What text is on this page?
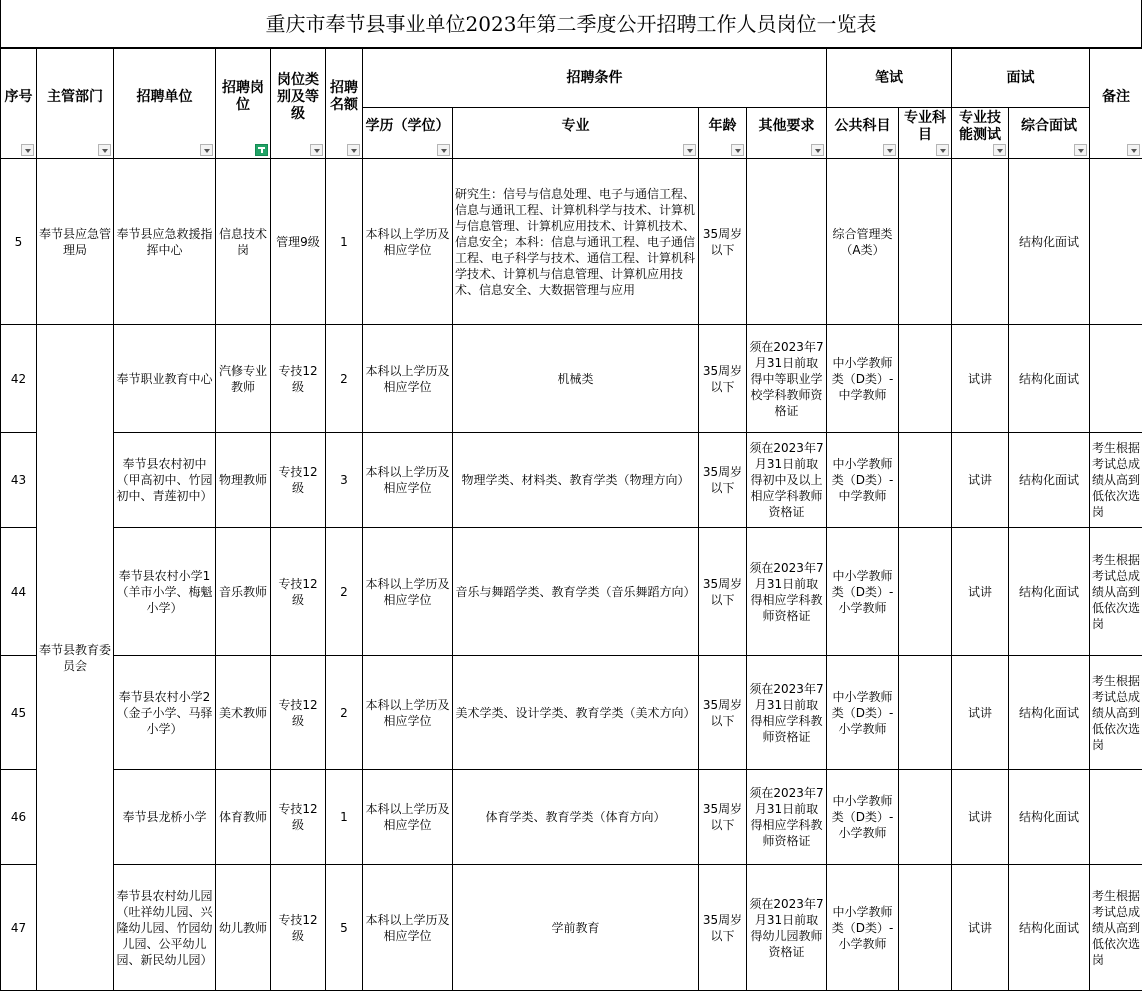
重庆市奉节县事业单位2023年第二季度公开招聘工作人员岗位一览表
序号	主管部门	招聘单位	招聘岗位	岗位类别及等级	招聘名额	招聘条件				笔试		面试		备注

						学历（学位）	专业	年龄	其他要求	公共科目	专业科目	专业技能测试	综合面试	

5	奉节县应急管理局	奉节县应急救援指挥中心	信息技术岗	管理9级	1	本科以上学历及相应学位	研究生：信号与信息处理、电子与通信工程、信息与通讯工程、计算机科学与技术、计算机与信息管理、计算机应用技术、计算机技术、信息安全；本科：信息与通讯工程、电子通信工程、电子科学与技术、通信工程、计算机科学技术、计算机与信息管理、计算机应用技术、信息安全、大数据管理与应用	35周岁以下		综合管理类（A类）			结构化面试	
42	奉节县教育委员会	奉节职业教育中心	汽修专业教师	专技12级	2	本科以上学历及相应学位	机械类	35周岁以下	须在2023年7月31日前取得中等职业学校学科教师资格证	中小学教师类（D类）-中学教师		试讲	结构化面试	
43		奉节县农村初中（甲高初中、竹园初中、青莲初中）	物理教师	专技12级	3	本科以上学历及相应学位	物理学类、材料类、教育学类（物理方向）	35周岁以下	须在2023年7月31日前取得初中及以上相应学科教师资格证	中小学教师类（D类）-中学教师		试讲	结构化面试	考生根据考试总成绩从高到低依次选岗
44		奉节县农村小学1（羊市小学、梅魁小学）	音乐教师	专技12级	2	本科以上学历及相应学位	音乐与舞蹈学类、教育学类（音乐舞蹈方向）	35周岁以下	须在2023年7月31日前取得相应学科教师资格证	中小学教师类（D类）-小学教师		试讲	结构化面试	考生根据考试总成绩从高到低依次选岗
45		奉节县农村小学2（金子小学、马驿小学）	美术教师	专技12级	2	本科以上学历及相应学位	美术学类、设计学类、教育学类（美术方向）	35周岁以下	须在2023年7月31日前取得相应学科教师资格证	中小学教师类（D类）-小学教师		试讲	结构化面试	考生根据考试总成绩从高到低依次选岗
46		奉节县龙桥小学	体育教师	专技12级	1	本科以上学历及相应学位	体育学类、教育学类（体育方向）	35周岁以下	须在2023年7月31日前取得相应学科教师资格证	中小学教师类（D类）-小学教师		试讲	结构化面试	
47		奉节县农村幼儿园（吐祥幼儿园、兴隆幼儿园、竹园幼儿园、公平幼儿园、新民幼儿园）	幼儿教师	专技12级	5	本科以上学历及相应学位	学前教育	35周岁以下	须在2023年7月31日前取得幼儿园教师资格证	中小学教师类（D类）-小学教师		试讲	结构化面试	考生根据考试总成绩从高到低依次选岗
